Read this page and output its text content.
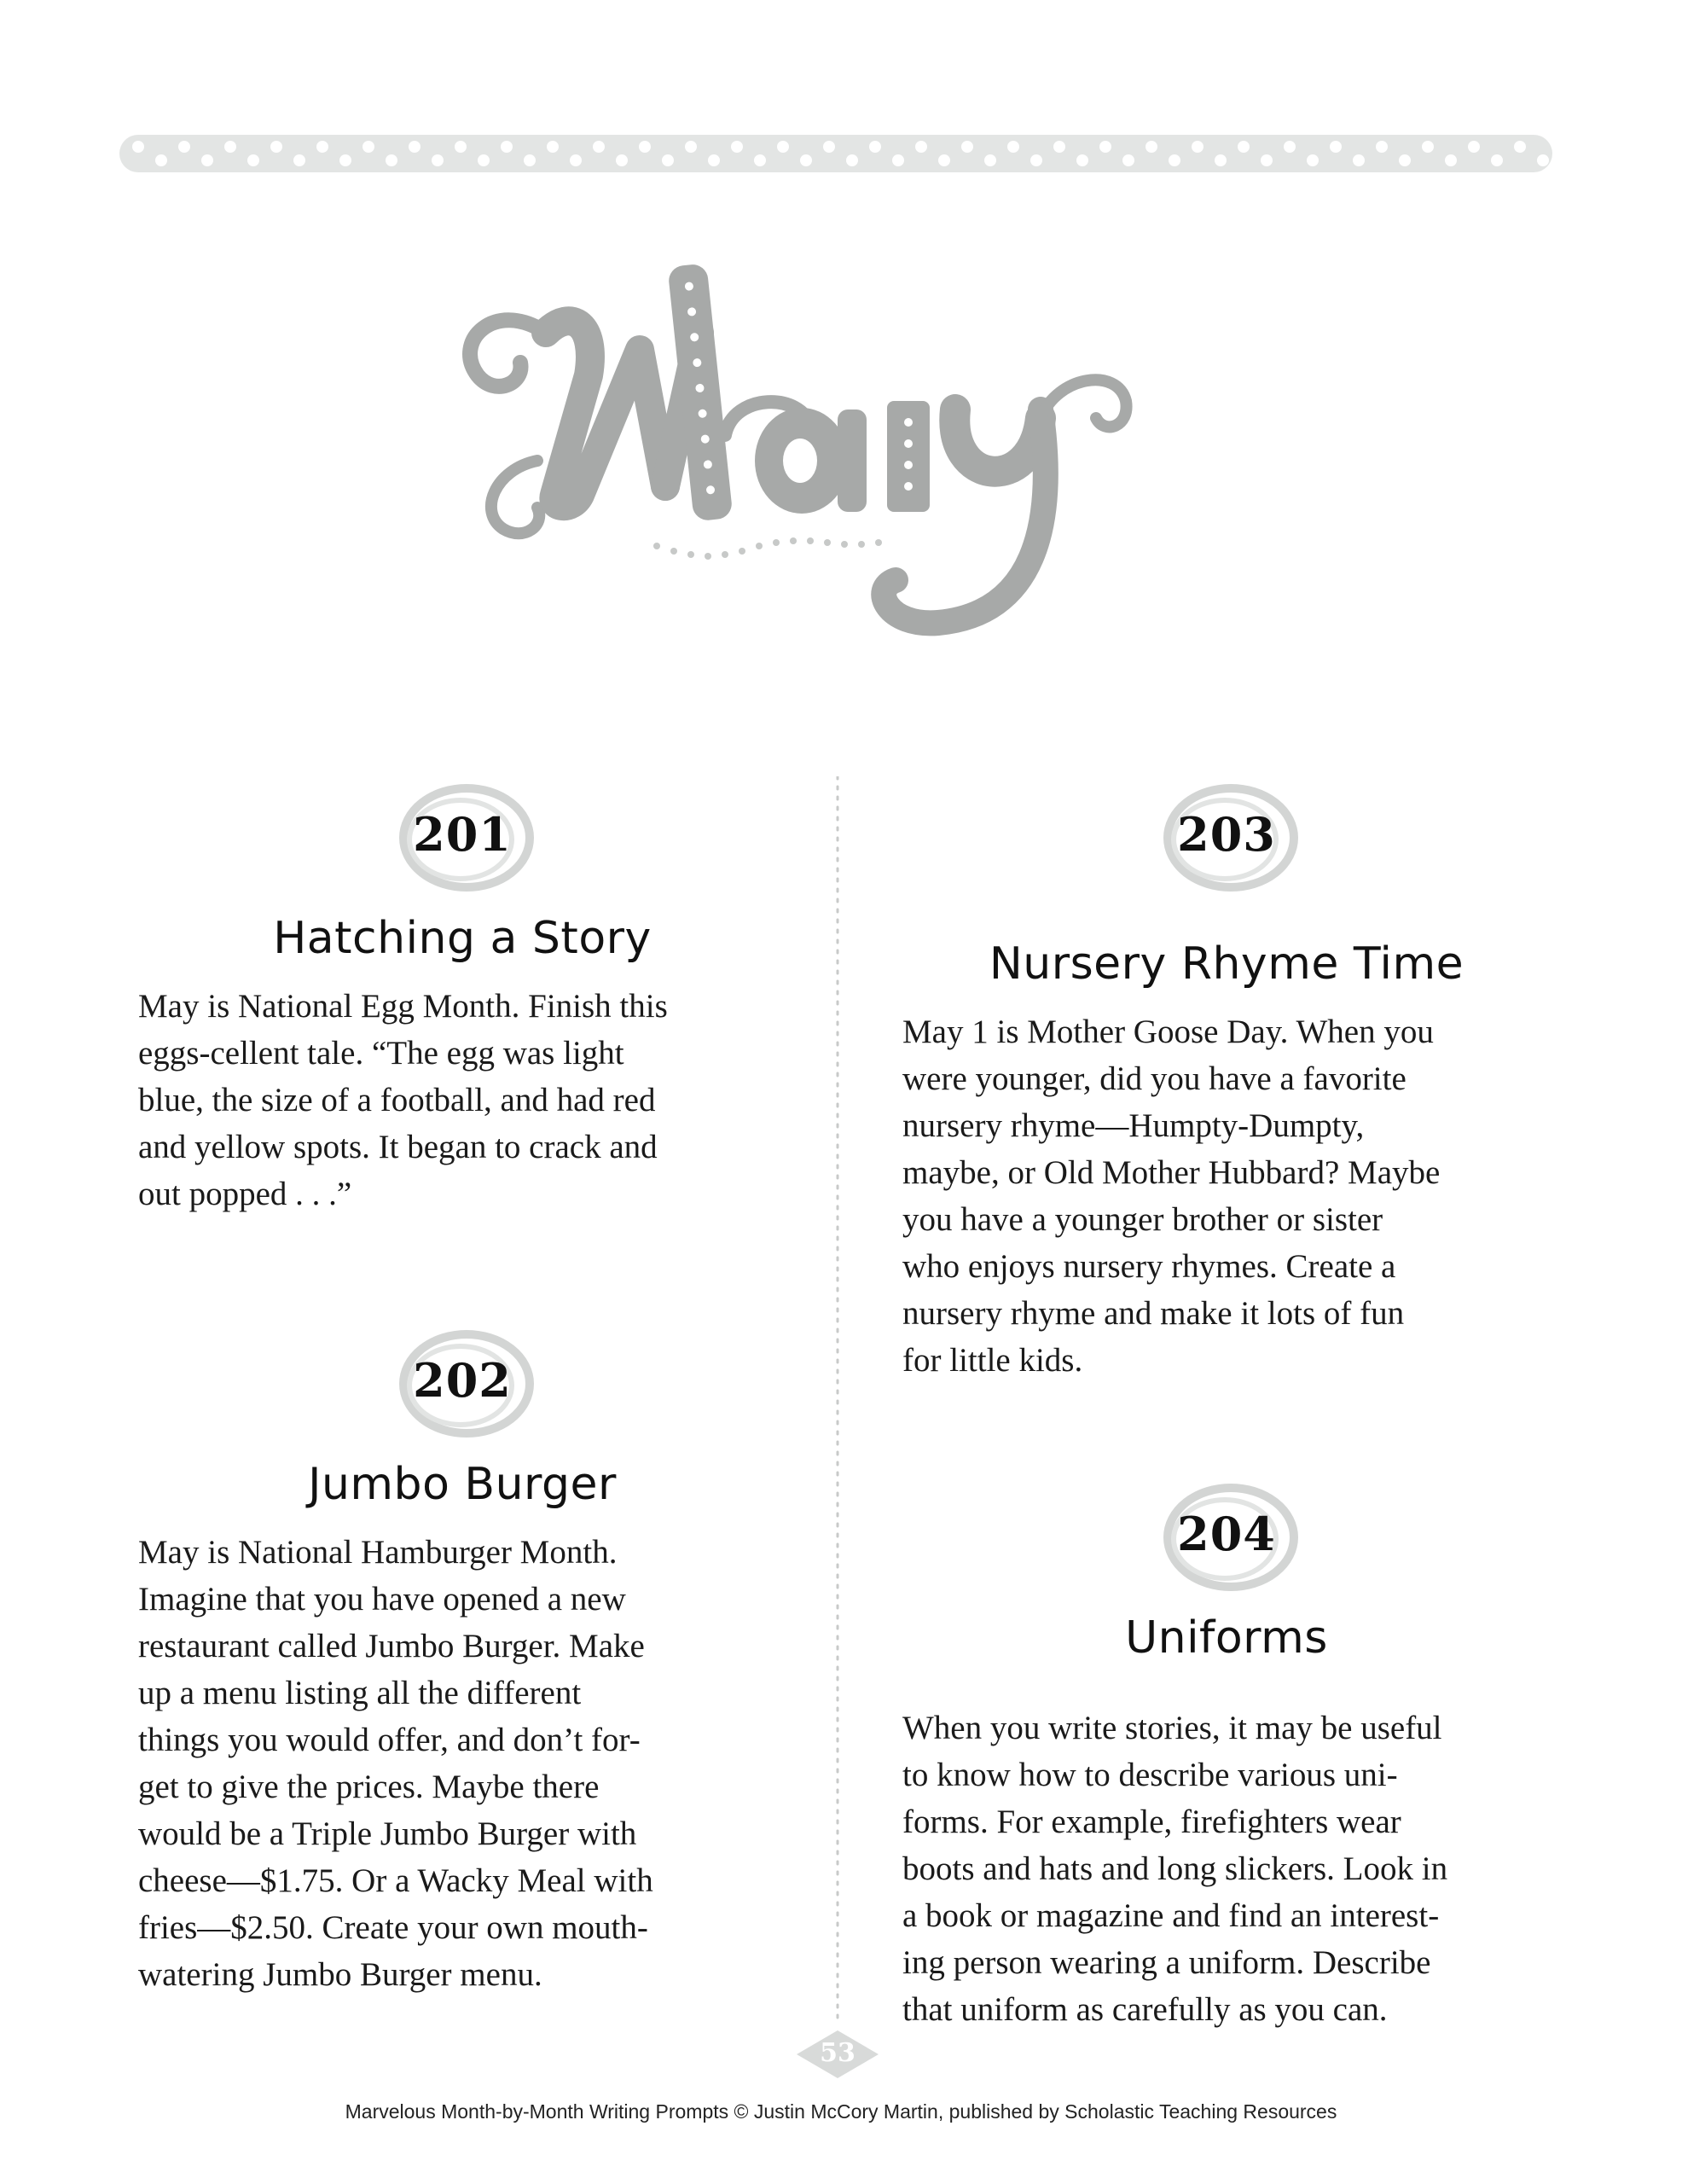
May
201
Hatching a Story
May is National Egg Month. Finish this
eggs-cellent tale. “The egg was light
blue, the size of a football, and had red
and yellow spots. It began to crack and
out popped . . .”
202
Jumbo Burger
May is National Hamburger Month.
Imagine that you have opened a new
restaurant called Jumbo Burger. Make
up a menu listing all the different
things you would offer, and don’t for-
get to give the prices. Maybe there
would be a Triple Jumbo Burger with
cheese—$1.75. Or a Wacky Meal with
fries—$2.50. Create your own mouth-
watering Jumbo Burger menu.
203
Nursery Rhyme Time
May 1 is Mother Goose Day. When you
were younger, did you have a favorite
nursery rhyme—Humpty-Dumpty,
maybe, or Old Mother Hubbard? Maybe
you have a younger brother or sister
who enjoys nursery rhymes. Create a
nursery rhyme and make it lots of fun
for little kids.
204
Uniforms
When you write stories, it may be useful
to know how to describe various uni-
forms. For example, firefighters wear
boots and hats and long slickers. Look in
a book or magazine and find an interest-
ing person wearing a uniform. Describe
that uniform as carefully as you can.
53
Marvelous Month-by-Month Writing Prompts © Justin McCory Martin, published by Scholastic Teaching Resources
